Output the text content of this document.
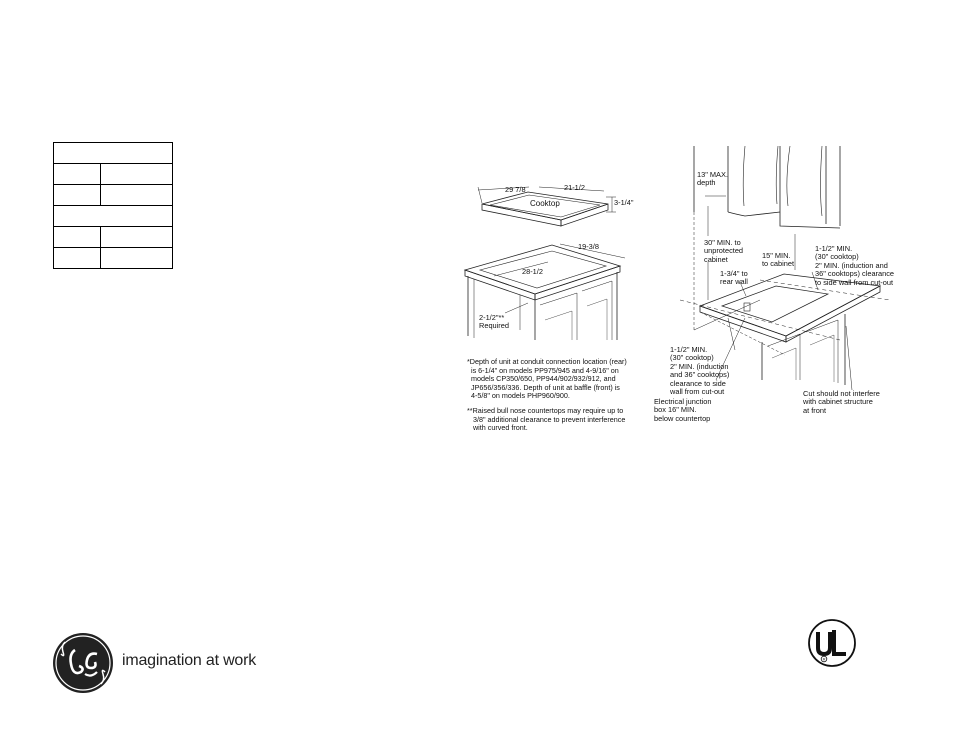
29 7/8	21-1/2
3-1/4"
Cooktop
19-3/8
28-1/2
2-1/2"**
Required
*Depth of unit at conduit connection location (rear)
is 6-1/4" on models PP975/945 and 4-9/16" on
models CP350/650, PP944/902/932/912, and
JP656/356/336. Depth of unit at baffle (front) is
4-5/8" on models PHP960/900.
**Raised bull nose countertops may require up to
3/8" additional clearance to prevent interference
with curved front.
13" MAX.
depth
30" MIN. to
unprotected
cabinet	15" MIN.
to cabinet
1-1/2" MIN.
(30" cooktop)
2" MIN. (induction and
36" cooktops) clearance
to side wall from cut-out
1-3/4" to
rear wall
1-1/2" MIN.
(30" cooktop)
2" MIN. (induction
and 36" cooktops)
clearance to side
wall from cut-out
Electrical junction
box 16" MIN.
below countertop
Cut should not interfere
with cabinet structure
at front
imagination at work	R
